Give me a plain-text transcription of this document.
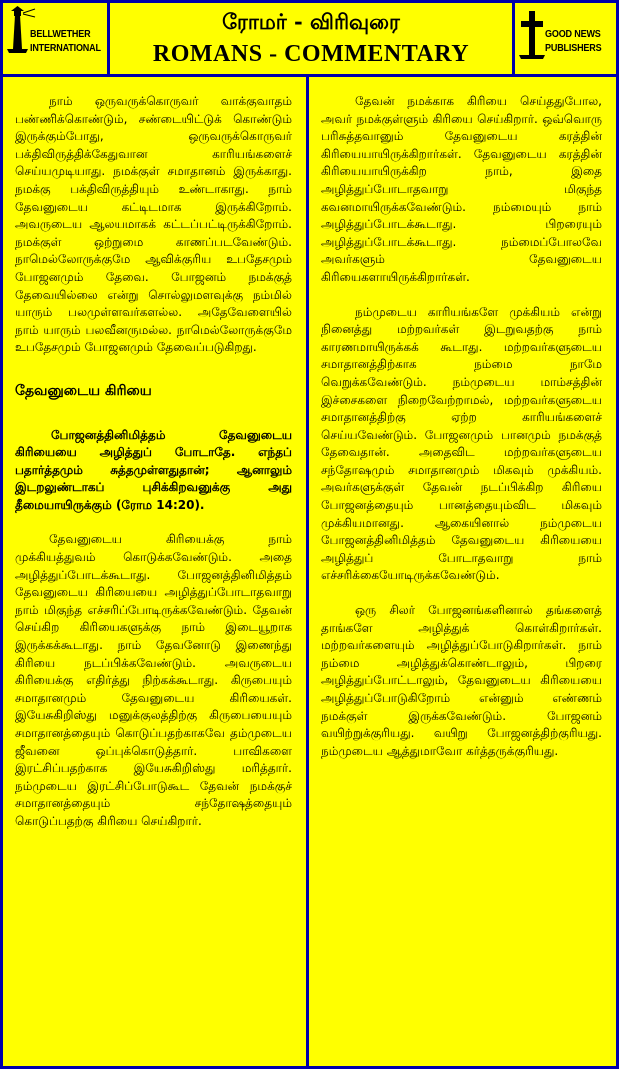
BELLWETHER
INTERNATIONAL
ரோமர் - விரிவுரை
ROMANS - COMMENTARY
GOOD NEWS
PUBLISHERS

நாம் ஒருவருக்கொருவர் வாக்குவாதம் பண்ணிக்கொண்டும், சண்டையிட்டுக் கொண்டும் இருக்கும்போது, ஒருவருக்கொருவர் பக்திவிருத்திக்கேதுவான காரியங்களைச் செய்யமுடியாது. நமக்குள் சமாதானம் இருக்காது. நமக்கு பக்திவிருத்தியும் உண்டாகாது. நாம் தேவனுடைய கட்டிடமாக இருக்கிறோம். அவருடைய ஆலயமாகக் கட்டப்பட்டிருக்கிறோம். நமக்குள் ஒற்றுமை காணப்படவேண்டும். நாமெல்லோருக்குமே ஆவிக்குரிய உபதேசமும் போஜனமும் தேவை. போஜனம் நமக்குத் தேவையில்லை என்று சொல்லுமளவுக்கு நம்மில் யாரும் பலமுள்ளவர்களல்ல. அதேவேளையில் நாம் யாரும் பலவீனருமல்ல. நாமெல்லோருக்குமே உபதேசமும் போஜனமும் தேவைப்படுகிறது.

தேவனுடைய கிரியை
போஜனத்தினிமித்தம் தேவனுடைய கிரியையை அழித்துப் போடாதே. எந்தப் பதார்த்தமும் சுத்தமுள்ளதுதான்; ஆனாலும் இடறலுண்டாகப் புசிக்கிறவனுக்கு அது தீமையாயிருக்கும் (ரோம 14:20).

தேவனுடைய கிரியைக்கு நாம் முக்கியத்துவம் கொடுக்கவேண்டும். அதை அழித்துப்போடக்கூடாது. போஜனத்தினிமித்தம் தேவனுடைய கிரியையை அழித்துப்போடாதவாறு நாம் மிகுந்த எச்சரிப்போடிருக்கவேண்டும். தேவன் செய்கிற கிரியைகளுக்கு நாம் இடையூறாக இருக்கக்கூடாது. நாம் தேவனோடு இணைந்து கிரியை நடப்பிக்கவேண்டும். அவருடைய கிரியைக்கு எதிர்த்து நிற்கக்கூடாது. கிருபையும் சமாதானமும் தேவனுடைய கிரியைகள். இயேசுகிறிஸ்து மனுக்குலத்திற்கு கிருபையையும் சமாதானத்தையும் கொடுப்பதற்காகவே தம்முடைய ஜீவனை ஒப்புக்கொடுத்தார். பாவிகளை இரட்சிப்பதற்காக இயேசுகிறிஸ்து மரித்தார். நம்முடைய இரட்சிப்போடுகூட தேவன் நமக்குச் சமாதானத்தையும் சந்தோஷத்தையும் கொடுப்பதற்கு கிரியை செய்கிறார்.

தேவன் நமக்காக கிரியை செய்ததுபோல, அவர் நமக்குள்ளும் கிரியை செய்கிறார். ஒவ்வொரு பரிசுத்தவானும் தேவனுடைய கரத்தின் கிரியையாயிருக்கிறார்கள். தேவனுடைய கரத்தின் கிரியையாயிருக்கிற நாம், இதை அழித்துப்போடாதவாறு மிகுந்த கவனமாயிருக்கவேண்டும். நம்மையும் நாம் அழித்துப்போடக்கூடாது. பிறரையும் அழித்துப்போடக்கூடாது. நம்மைப்போலவே அவர்களும் தேவனுடைய கிரியைகளாயிருக்கிறார்கள்.

நம்முடைய காரியங்களே முக்கியம் என்று நினைத்து மற்றவர்கள் இடறுவதற்கு நாம் காரணமாயிருக்கக் கூடாது. மற்றவர்களுடைய சமாதானத்திற்காக நம்மை நாமே வெறுக்கவேண்டும். நம்முடைய மாம்சத்தின் இச்சைகளை நிறைவேற்றாமல், மற்றவர்களுடைய சமாதானத்திற்கு ஏற்ற காரியங்களைச் செய்யவேண்டும். போஜனமும் பானமும் நமக்குத் தேவைதான். அதைவிட மற்றவர்களுடைய சந்தோஷமும் சமாதானமும் மிகவும் முக்கியம். அவர்களுக்குள் தேவன் நடப்பிக்கிற கிரியை போஜனத்தையும் பானத்தையும்விட மிகவும் முக்கியமானது. ஆகையினால் நம்முடைய போஜனத்தினிமித்தம் தேவனுடைய கிரியையை அழித்துப் போடாதவாறு நாம் எச்சரிக்கையோடிருக்கவேண்டும்.

ஒரு சிலர் போஜனங்களினால் தங்களைத் தாங்களே அழித்துக் கொள்கிறார்கள். மற்றவர்களையும் அழித்துப்போடுகிறார்கள். நாம் நம்மை அழித்துக்கொண்டாலும், பிறரை அழித்துப்போட்டாலும், தேவனுடைய கிரியையை அழித்துப்போடுகிறோம் என்னும் எண்ணம் நமக்குள் இருக்கவேண்டும். போஜனம் வயிற்றுக்குரியது. வயிறு போஜனத்திற்குரியது. நம்முடைய ஆத்துமாவோ கர்த்தருக்குரியது.
